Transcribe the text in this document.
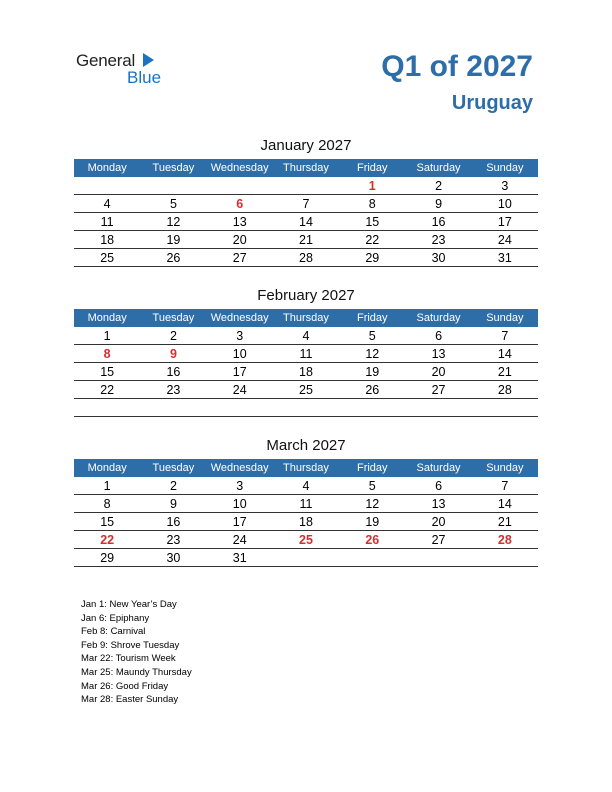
General
Blue	Q1 of 2027
Uruguay
January 2027
Monday	Tuesday	Wednesday	Thursday	Friday	Saturday	Sunday
				1	2	3
4	5	6	7	8	9	10
11	12	13	14	15	16	17
18	19	20	21	22	23	24
25	26	27	28	29	30	31
February 2027
Monday	Tuesday	Wednesday	Thursday	Friday	Saturday	Sunday
1	2	3	4	5	6	7
8	9	10	11	12	13	14
15	16	17	18	19	20	21
22	23	24	25	26	27	28

March 2027
Monday	Tuesday	Wednesday	Thursday	Friday	Saturday	Sunday
1	2	3	4	5	6	7
8	9	10	11	12	13	14
15	16	17	18	19	20	21
22	23	24	25	26	27	28
29	30	31				
Jan 1: New Year’s Day
Jan 6: Epiphany
Feb 8: Carnival
Feb 9: Shrove Tuesday
Mar 22: Tourism Week
Mar 25: Maundy Thursday
Mar 26: Good Friday
Mar 28: Easter Sunday
